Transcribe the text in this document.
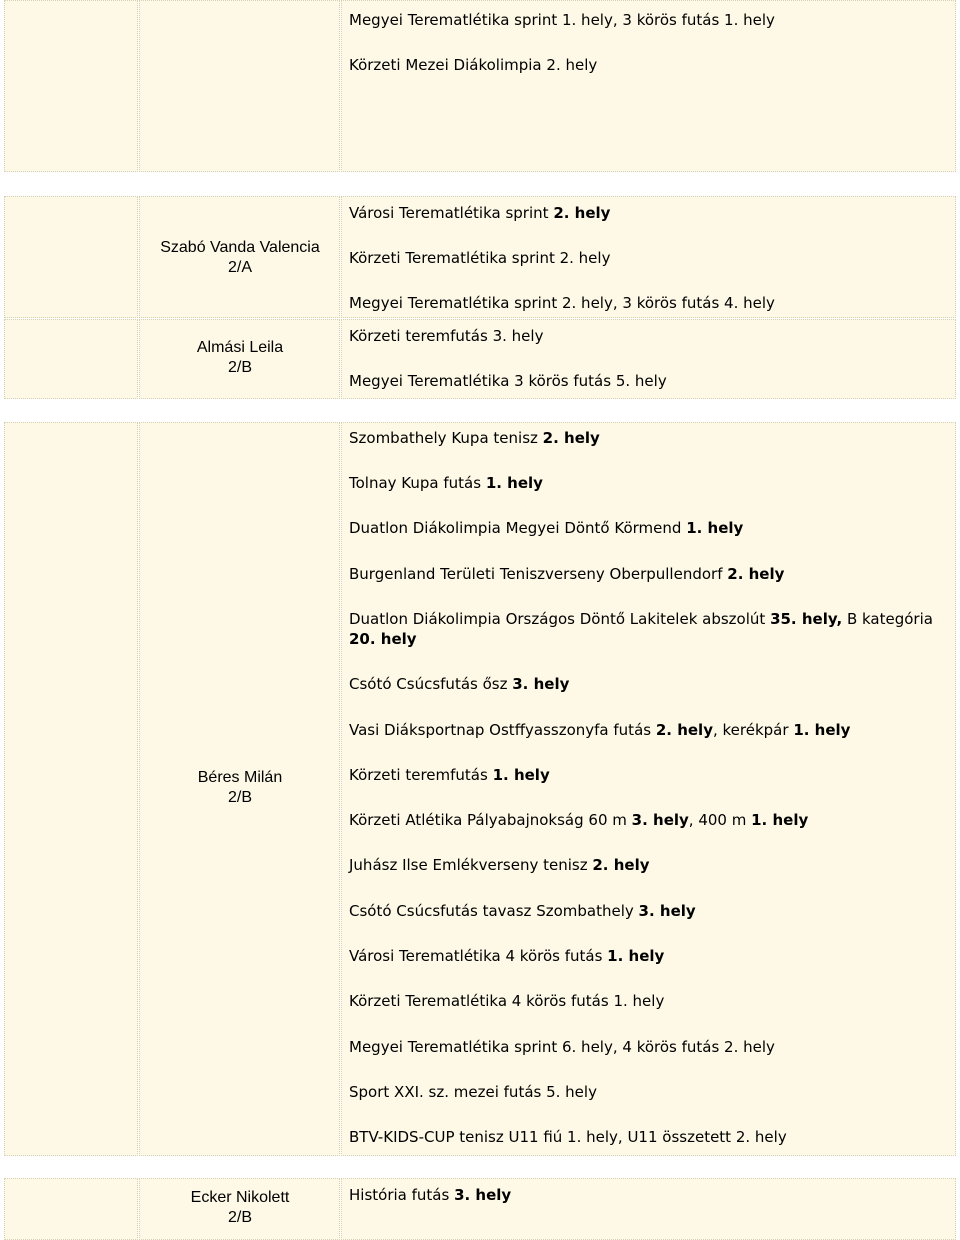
Szabó Vanda Valencia
2/A
Almási Leila
2/B
Béres Milán
2/B
Ecker Nikolett
2/B
Megyei Terematlétika sprint 1. hely, 3 körös futás 1. hely
Körzeti Mezei Diákolimpia 2. hely
Városi Terematlétika sprint 2. hely
Körzeti Terematlétika sprint 2. hely
Megyei Terematlétika sprint 2. hely, 3 körös futás 4. hely
Körzeti teremfutás 3. hely
Megyei Terematlétika 3 körös futás 5. hely
Szombathely Kupa tenisz 2. hely
Tolnay Kupa futás 1. hely
Duatlon Diákolimpia Megyei Döntő Körmend 1. hely
Burgenland Területi Teniszverseny Oberpullendorf 2. hely
Duatlon Diákolimpia Országos Döntő Lakitelek abszolút 35. hely, B kategória 20. hely
Csótó Csúcsfutás ősz 3. hely
Vasi Diáksportnap Ostffyasszonyfa futás 2. hely, kerékpár 1. hely
Körzeti teremfutás 1. hely
Körzeti Atlétika Pályabajnokság 60 m 3. hely, 400 m 1. hely
Juhász Ilse Emlékverseny tenisz 2. hely
Csótó Csúcsfutás tavasz Szombathely 3. hely
Városi Terematlétika 4 körös futás 1. hely
Körzeti Terematlétika 4 körös futás 1. hely
Megyei Terematlétika sprint 6. hely, 4 körös futás 2. hely
Sport XXI. sz. mezei futás 5. hely
BTV-KIDS-CUP tenisz U11 fiú 1. hely, U11 összetett 2. hely
História futás 3. hely
